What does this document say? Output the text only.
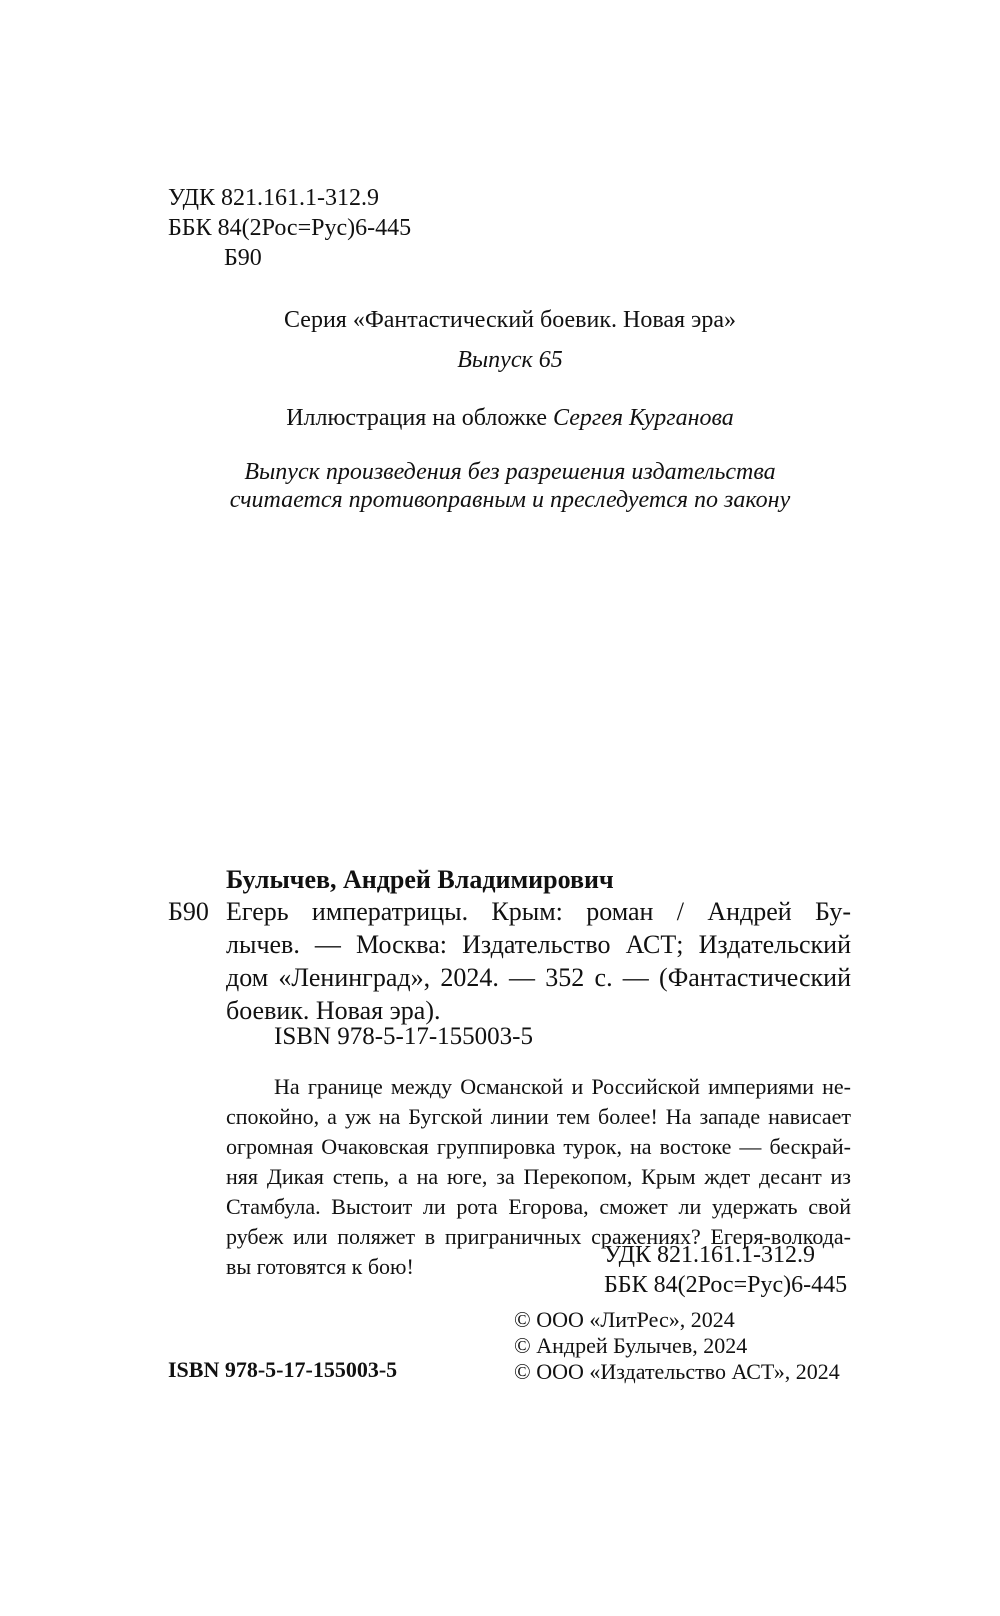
УДК 821.161.1-312.9
ББК 84(2Рос=Рус)6-445
Б90
Серия «Фантастический боевик. Новая эра»
Выпуск 65
Иллюстрация на обложке Сергея Курганова
Выпуск произведения без разрешения издательства
считается противоправным и преследуется по закону
Булычев, Андрей Владимирович
Б90 Егерь императрицы. Крым: роман / Андрей Бу-
лычев. — Москва: Издательство АСТ; Издательский
дом «Ленинград», 2024. — 352 с. — (Фантастический
боевик. Новая эра).
ISBN 978-5-17-155003-5
На границе между Османской и Российской империями не-
спокойно, а уж на Бугской линии тем более! На западе нависает
огромная Очаковская группировка турок, на востоке — бескрай-
няя Дикая степь, а на юге, за Перекопом, Крым ждет десант из
Стамбула. Выстоит ли рота Егорова, сможет ли удержать свой
рубеж или поляжет в приграничных сражениях? Егеря-волкода-
вы готовятся к бою!	УДК 821.161.1-312.9
ББК 84(2Рос=Рус)6-445
© ООО «ЛитРес», 2024
© Андрей Булычев, 2024
© ООО «Издательство АСТ», 2024
ISBN 978-5-17-155003-5
